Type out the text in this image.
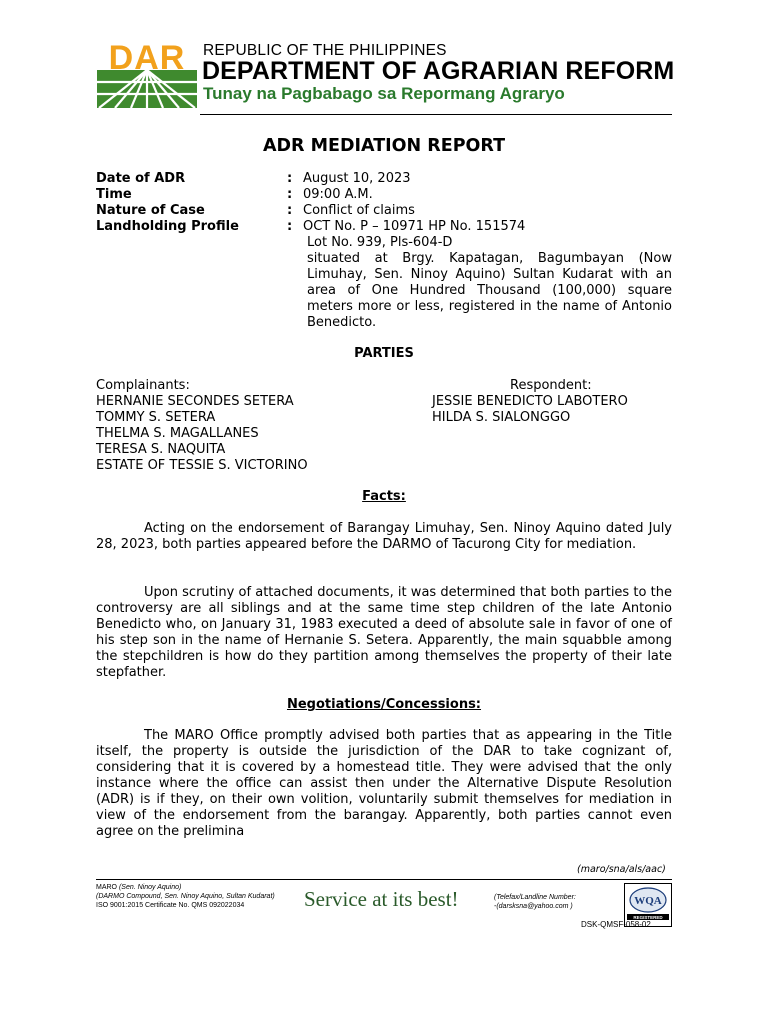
DAR REPUBLIC OF THE PHILIPPINES
DEPARTMENT OF AGRARIAN REFORM
Tunay na Pagbabago sa Repormang Agraryo
ADR MEDIATION REPORT
Date of ADR	: August 10, 2023
Time	: 09:00 A.M.
Nature of Case	: Conflict of claims
Landholding Profile	: OCT No. P – 10971 HP No. 151574
Lot No. 939, Pls-604-D
situated at Brgy. Kapatagan, Bagumbayan (Now Limuhay, Sen. Ninoy Aquino) Sultan Kudarat with an area of One Hundred Thousand (100,000) square meters more or less, registered in the name of Antonio Benedicto.
PARTIES
Complainants:
HERNANIE SECONDES SETERA
TOMMY S. SETERA
THELMA S. MAGALLANES
TERESA S. NAQUITA
ESTATE OF TESSIE S. VICTORINO
Respondent:
JESSIE BENEDICTO LABOTERO
HILDA S. SIALONGGO
Facts:
Acting on the endorsement of Barangay Limuhay, Sen. Ninoy Aquino dated July 28, 2023, both parties appeared before the DARMO of Tacurong City for mediation.
Upon scrutiny of attached documents, it was determined that both parties to the controversy are all siblings and at the same time step children of the late Antonio Benedicto who, on January 31, 1983 executed a deed of absolute sale in favor of one of his step son in the name of Hernanie S. Setera. Apparently, the main squabble among the stepchildren is how do they partition among themselves the property of their late stepfather.
Negotiations/Concessions:
The MARO Office promptly advised both parties that as appearing in the Title itself, the property is outside the jurisdiction of the DAR to take cognizant of, considering that it is covered by a homestead title. They were advised that the only instance where the office can assist then under the Alternative Dispute Resolution (ADR) is if they, on their own volition, voluntarily submit themselves for mediation in view of the endorsement from the barangay. Apparently, both parties cannot even agree on the prelimina
(maro/sna/als/aac)
MARO (Sen. Ninoy Aquino)
(DARMO Compound, Sen. Ninoy Aquino, Sultan Kudarat)
ISO 9001:2015 Certificate No. QMS 092022034	Service at its best!	(Telefax/Landline Number:
-(darsksna@yahoo.com )	WQA
REGISTERED
DSK-QMSF-058-02
